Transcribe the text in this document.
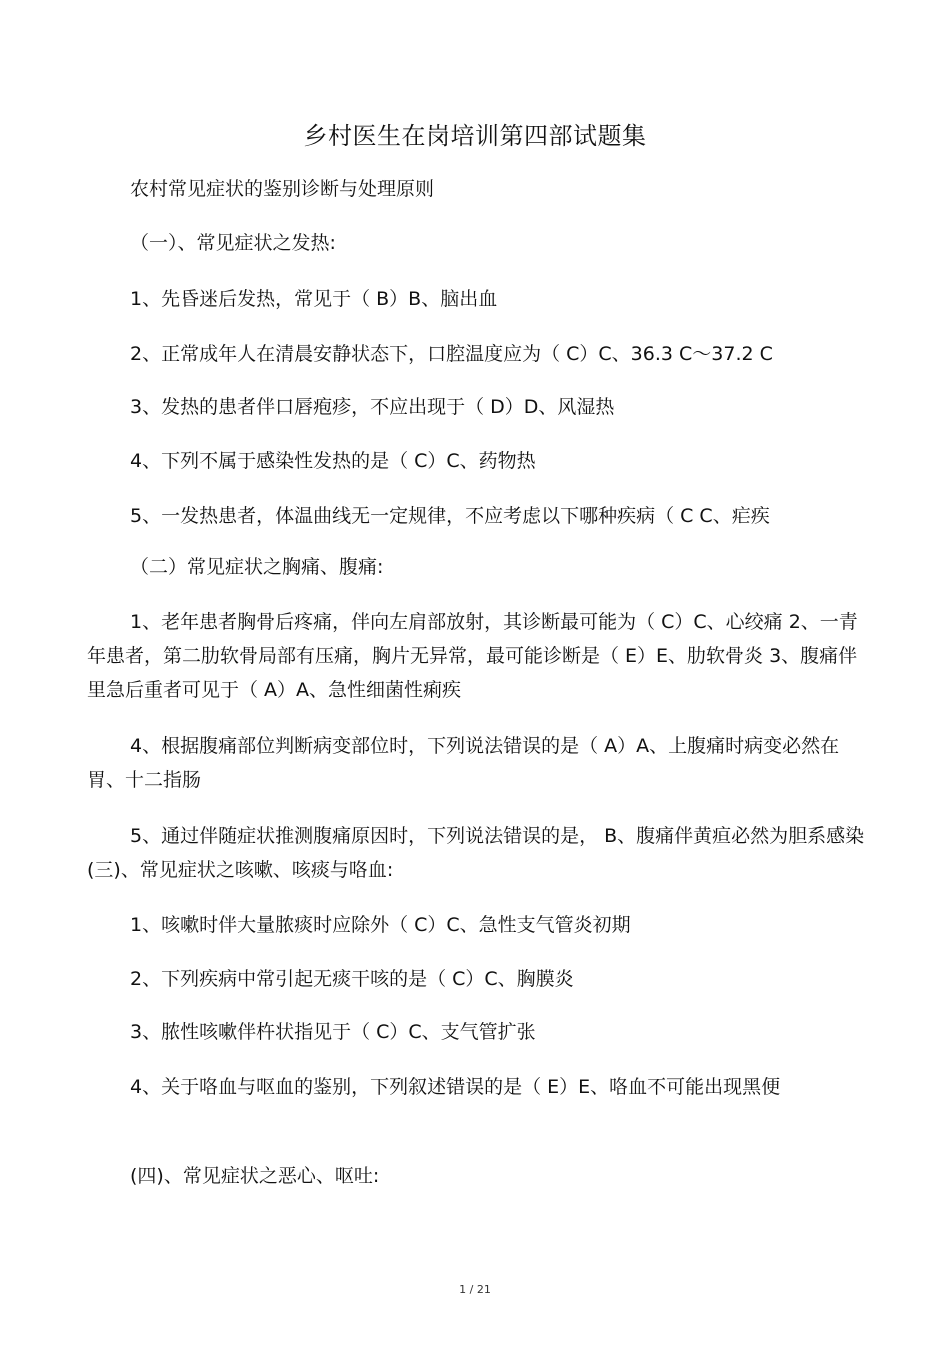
乡村医生在岗培训第四部试题集
农村常见症状的鉴别诊断与处理原则
（一）、常见症状之发热:
1、先昏迷后发热，常见于（ B）B、脑出血
2、正常成年人在清晨安静状态下，口腔温度应为（ C）C、36.3 C～37.2 C
3、发热的患者伴口唇疱疹，不应出现于（ D）D、风湿热
4、下列不属于感染性发热的是（ C）C、药物热
5、一发热患者，体温曲线无一定规律，不应考虑以下哪种疾病（ C C、疟疾
（二）常见症状之胸痛、腹痛:
1、老年患者胸骨后疼痛，伴向左肩部放射，其诊断最可能为（ C）C、心绞痛 2、一青年患者，第二肋软骨局部有压痛，胸片无异常，最可能诊断是（ E）E、肋软骨炎 3、腹痛伴里急后重者可见于（ A）A、急性细菌性痢疾
4、根据腹痛部位判断病变部位时，下列说法错误的是（ A）A、上腹痛时病变必然在胃、十二指肠
5、通过伴随症状推测腹痛原因时，下列说法错误的是， B、腹痛伴黄疸必然为胆系感染 (三)、常见症状之咳嗽、咳痰与咯血:
1、咳嗽时伴大量脓痰时应除外（ C）C、急性支气管炎初期
2、下列疾病中常引起无痰干咳的是（ C）C、胸膜炎
3、脓性咳嗽伴杵状指见于（ C）C、支气管扩张
4、关于咯血与呕血的鉴别，下列叙述错误的是（ E）E、咯血不可能出现黑便
(四)、常见症状之恶心、呕吐:
1 / 21
